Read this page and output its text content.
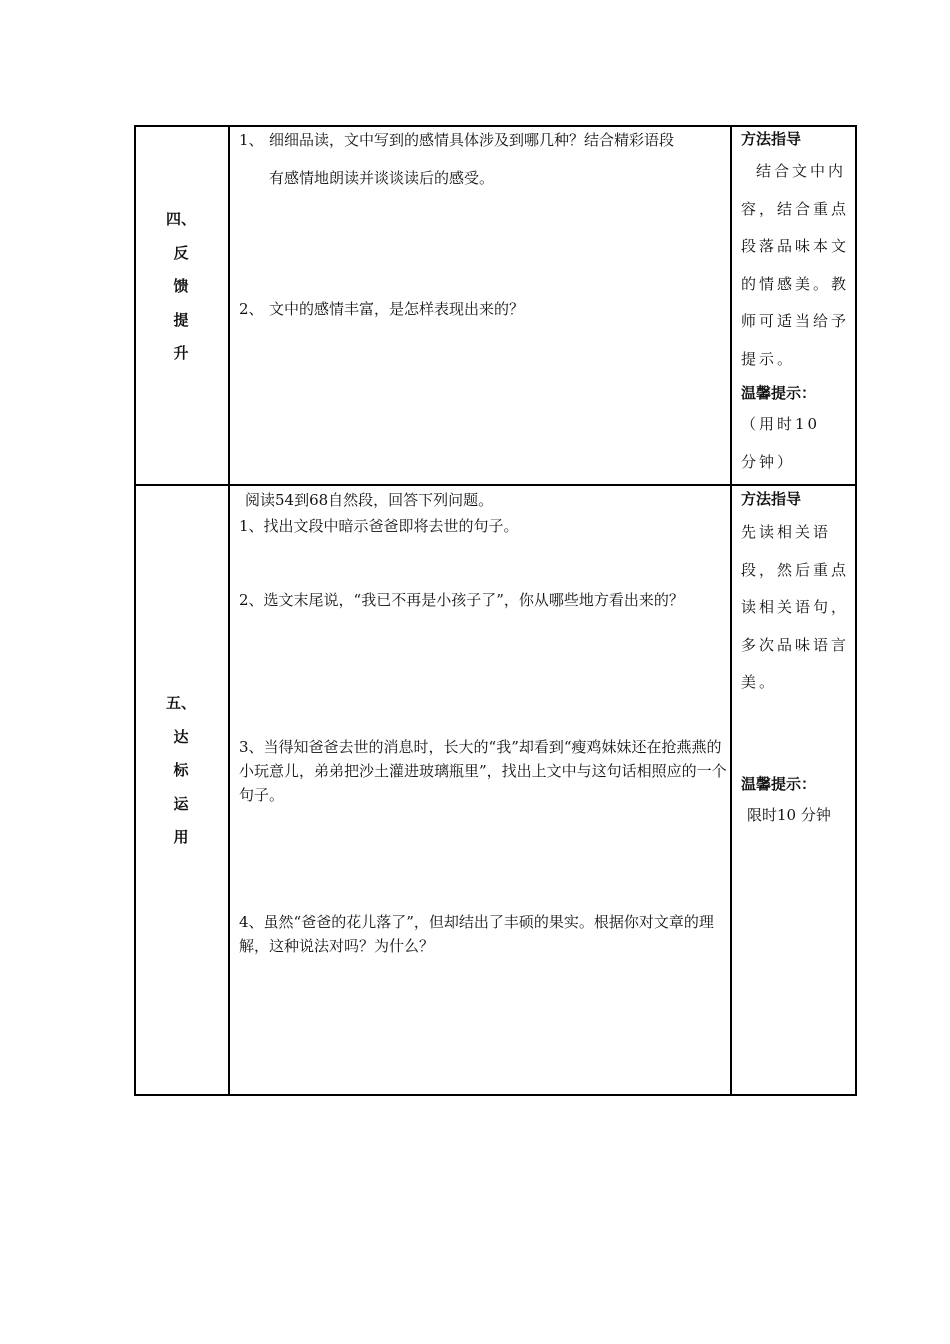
四、
反
馈
提
升
1、 细细品读，文中写到的感情具体涉及到哪几种？结合精彩语段
有感情地朗读并谈谈读后的感受。
2、 文中的感情丰富，是怎样表现出来的？
方法指导
结合文中内容，结合重点段落品味本文的情感美。教师可适当给予提示。
温馨提示：
（用时10　分钟）
五、
达
标
运
用
阅读54到68自然段，回答下列问题。
1、找出文段中暗示爸爸即将去世的句子。
2、选文末尾说，“我已不再是小孩子了”，你从哪些地方看出来的？
3、当得知爸爸去世的消息时，长大的“我”却看到“瘦鸡妹妹还在抢燕燕的小玩意儿，弟弟把沙土灌进玻璃瓶里”，找出上文中与这句话相照应的一个句子。
4、虽然“爸爸的花儿落了”，但却结出了丰硕的果实。根据你对文章的理解，这种说法对吗？为什么？
方法指导
先读相关语段，然后重点读相关语句，多次品味语言美。
温馨提示：
限时10 分钟
